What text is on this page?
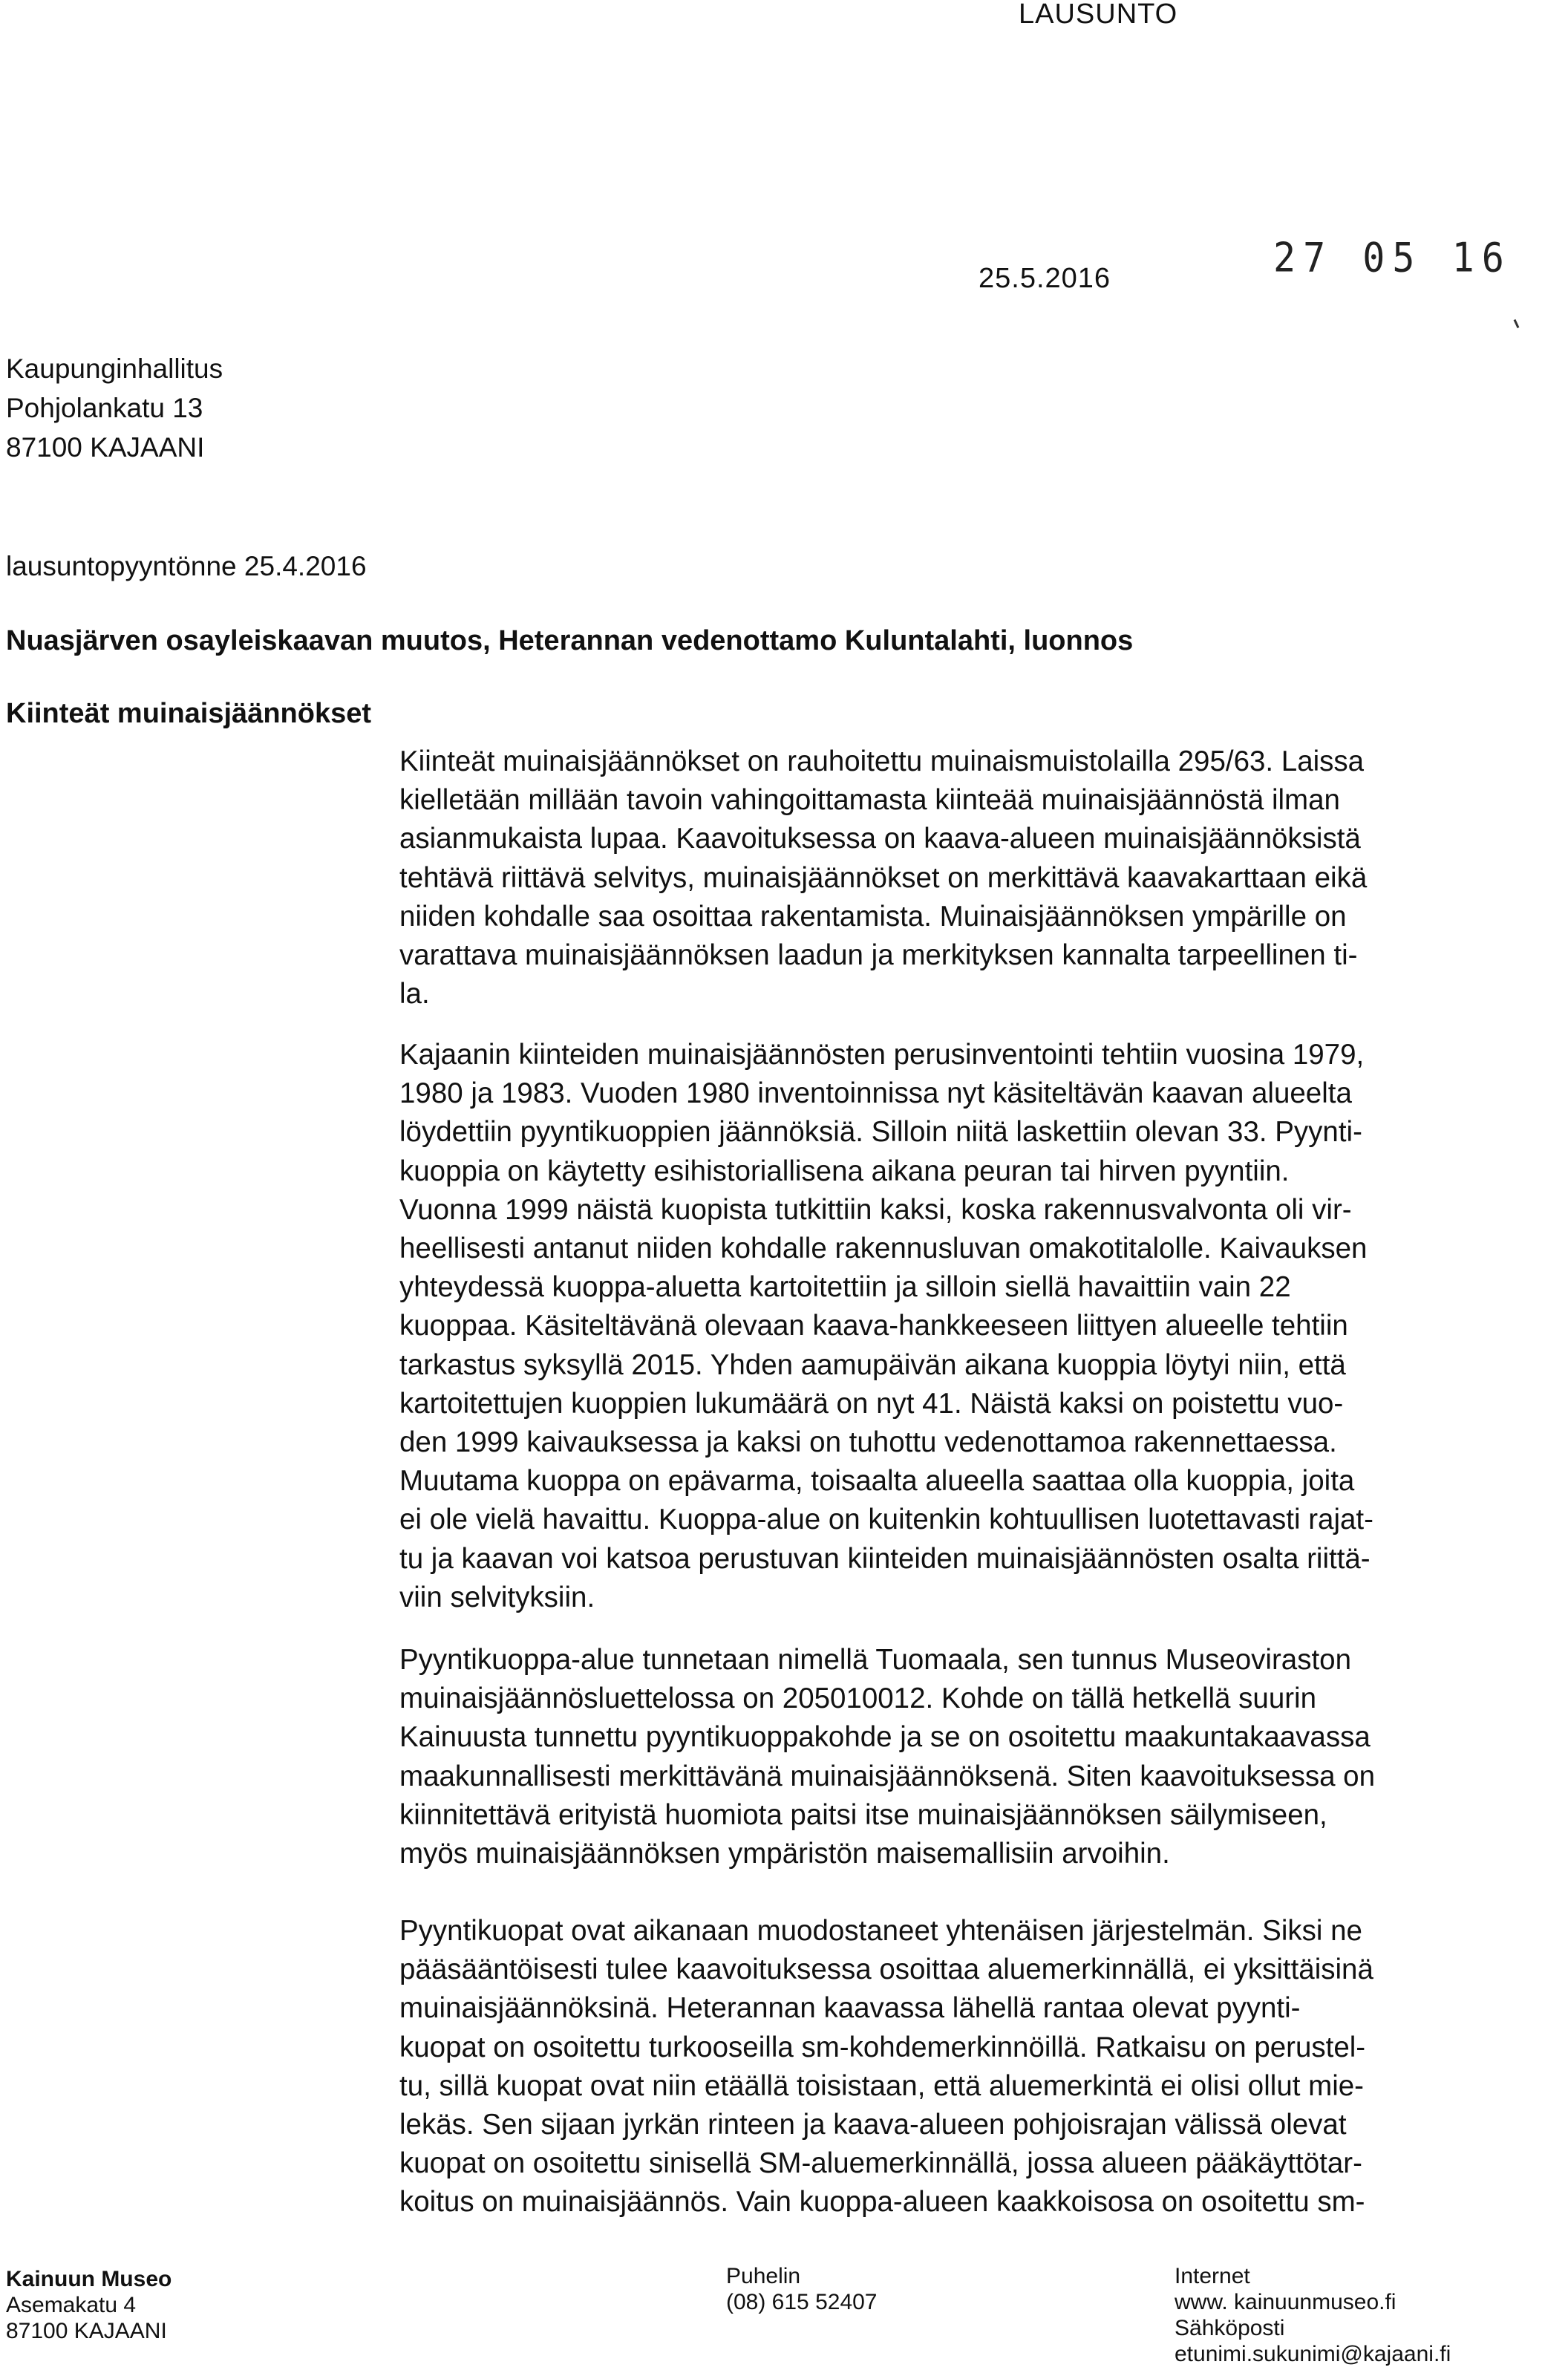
LAUSUNTO
25.5.2016	27 05 16
Kaupunginhallitus
Pohjolankatu 13
87100 KAJAANI
lausuntopyyntönne 25.4.2016
Nuasjärven osayleiskaavan muutos, Heterannan vedenottamo Kuluntalahti, luonnos
Kiinteät muinaisjäännökset
Kiinteät muinaisjäännökset on rauhoitettu muinaismuistolailla 295/63. Laissa
kielletään millään tavoin vahingoittamasta kiinteää muinaisjäännöstä ilman
asianmukaista lupaa. Kaavoituksessa on kaava-alueen muinaisjäännöksistä
tehtävä riittävä selvitys, muinaisjäännökset on merkittävä kaavakarttaan eikä
niiden kohdalle saa osoittaa rakentamista. Muinaisjäännöksen ympärille on
varattava muinaisjäännöksen laadun ja merkityksen kannalta tarpeellinen ti-
la.
Kajaanin kiinteiden muinaisjäännösten perusinventointi tehtiin vuosina 1979,
1980 ja 1983. Vuoden 1980 inventoinnissa nyt käsiteltävän kaavan alueelta
löydettiin pyyntikuoppien jäännöksiä. Silloin niitä laskettiin olevan 33. Pyynti-
kuoppia on käytetty esihistoriallisena aikana peuran tai hirven pyyntiin.
Vuonna 1999 näistä kuopista tutkittiin kaksi, koska rakennusvalvonta oli vir-
heellisesti antanut niiden kohdalle rakennusluvan omakotitalolle. Kaivauksen
yhteydessä kuoppa-aluetta kartoitettiin ja silloin siellä havaittiin vain 22
kuoppaa. Käsiteltävänä olevaan kaava-hankkeeseen liittyen alueelle tehtiin
tarkastus syksyllä 2015. Yhden aamupäivän aikana kuoppia löytyi niin, että
kartoitettujen kuoppien lukumäärä on nyt 41. Näistä kaksi on poistettu vuo-
den 1999 kaivauksessa ja kaksi on tuhottu vedenottamoa rakennettaessa.
Muutama kuoppa on epävarma, toisaalta alueella saattaa olla kuoppia, joita
ei ole vielä havaittu. Kuoppa-alue on kuitenkin kohtuullisen luotettavasti rajat-
tu ja kaavan voi katsoa perustuvan kiinteiden muinaisjäännösten osalta riittä-
viin selvityksiin.
Pyyntikuoppa-alue tunnetaan nimellä Tuomaala, sen tunnus Museoviraston
muinaisjäännösluettelossa on 205010012. Kohde on tällä hetkellä suurin
Kainuusta tunnettu pyyntikuoppakohde ja se on osoitettu maakuntakaavassa
maakunnallisesti merkittävänä muinaisjäännöksenä. Siten kaavoituksessa on
kiinnitettävä erityistä huomiota paitsi itse muinaisjäännöksen säilymiseen,
myös muinaisjäännöksen ympäristön maisemallisiin arvoihin.
Pyyntikuopat ovat aikanaan muodostaneet yhtenäisen järjestelmän. Siksi ne
pääsääntöisesti tulee kaavoituksessa osoittaa aluemerkinnällä, ei yksittäisinä
muinaisjäännöksinä. Heterannan kaavassa lähellä rantaa olevat pyynti-
kuopat on osoitettu turkooseilla sm-kohdemerkinnöillä. Ratkaisu on perustel-
tu, sillä kuopat ovat niin etäällä toisistaan, että aluemerkintä ei olisi ollut mie-
lekäs. Sen sijaan jyrkän rinteen ja kaava-alueen pohjoisrajan välissä olevat
kuopat on osoitettu sinisellä SM-aluemerkinnällä, jossa alueen pääkäyttötar-
koitus on muinaisjäännös. Vain kuoppa-alueen kaakkoisosa on osoitettu sm-
Kainuun Museo
Asemakatu 4
87100 KAJAANI
Puhelin
(08) 615 52407
Internet
www. kainuunmuseo.fi
Sähköposti
etunimi.sukunimi@kajaani.fi
